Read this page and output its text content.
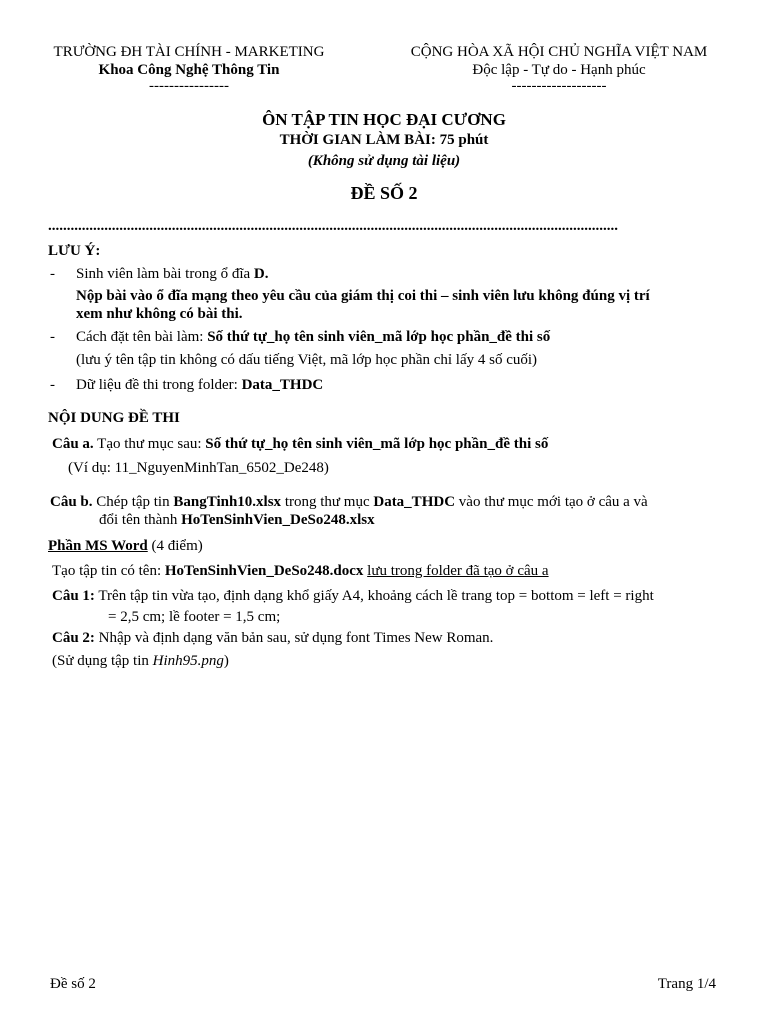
TRƯỜNG ĐH TÀI CHÍNH - MARKETING
Khoa Công Nghệ Thông Tin
----------------
CỘNG HÒA XÃ HỘI CHỦ NGHĨA VIỆT NAM
Độc lập - Tự do - Hạnh phúc
-------------------
ÔN TẬP TIN HỌC ĐẠI CƯƠNG
THỜI GIAN LÀM BÀI: 75 phút
(Không sử dụng tài liệu)
ĐỀ SỐ 2
........................................................................................................................................................
LƯU Ý:
- Sinh viên làm bài trong ổ đĩa D.
Nộp bài vào ổ đĩa mạng theo yêu cầu của giám thị coi thi – sinh viên lưu không đúng vị trí
xem như không có bài thi.
- Cách đặt tên bài làm: Số thứ tự_họ tên sinh viên_mã lớp học phần_đề thi số
(lưu ý tên tập tin không có dấu tiếng Việt, mã lớp học phần chỉ lấy 4 số cuối)
- Dữ liệu đề thi trong folder: Data_THDC
NỘI DUNG ĐỀ THI
Câu a. Tạo thư mục sau: Số thứ tự_họ tên sinh viên_mã lớp học phần_đề thi số
(Ví dụ: 11_NguyenMinhTan_6502_De248)
Câu b. Chép tập tin BangTinh10.xlsx trong thư mục Data_THDC vào thư mục mới tạo ở câu a và
đổi tên thành HoTenSinhVien_DeSo248.xlsx
Phần MS Word (4 điểm)
Tạo tập tin có tên: HoTenSinhVien_DeSo248.docx lưu trong folder đã tạo ở câu a
Câu 1: Trên tập tin vừa tạo, định dạng khổ giấy A4, khoảng cách lề trang top = bottom = left = right
= 2,5 cm; lề footer = 1,5 cm;
Câu 2: Nhập và định dạng văn bản sau, sử dụng font Times New Roman.
(Sử dụng tập tin Hinh95.png)
Đề số 2	Trang 1/4
